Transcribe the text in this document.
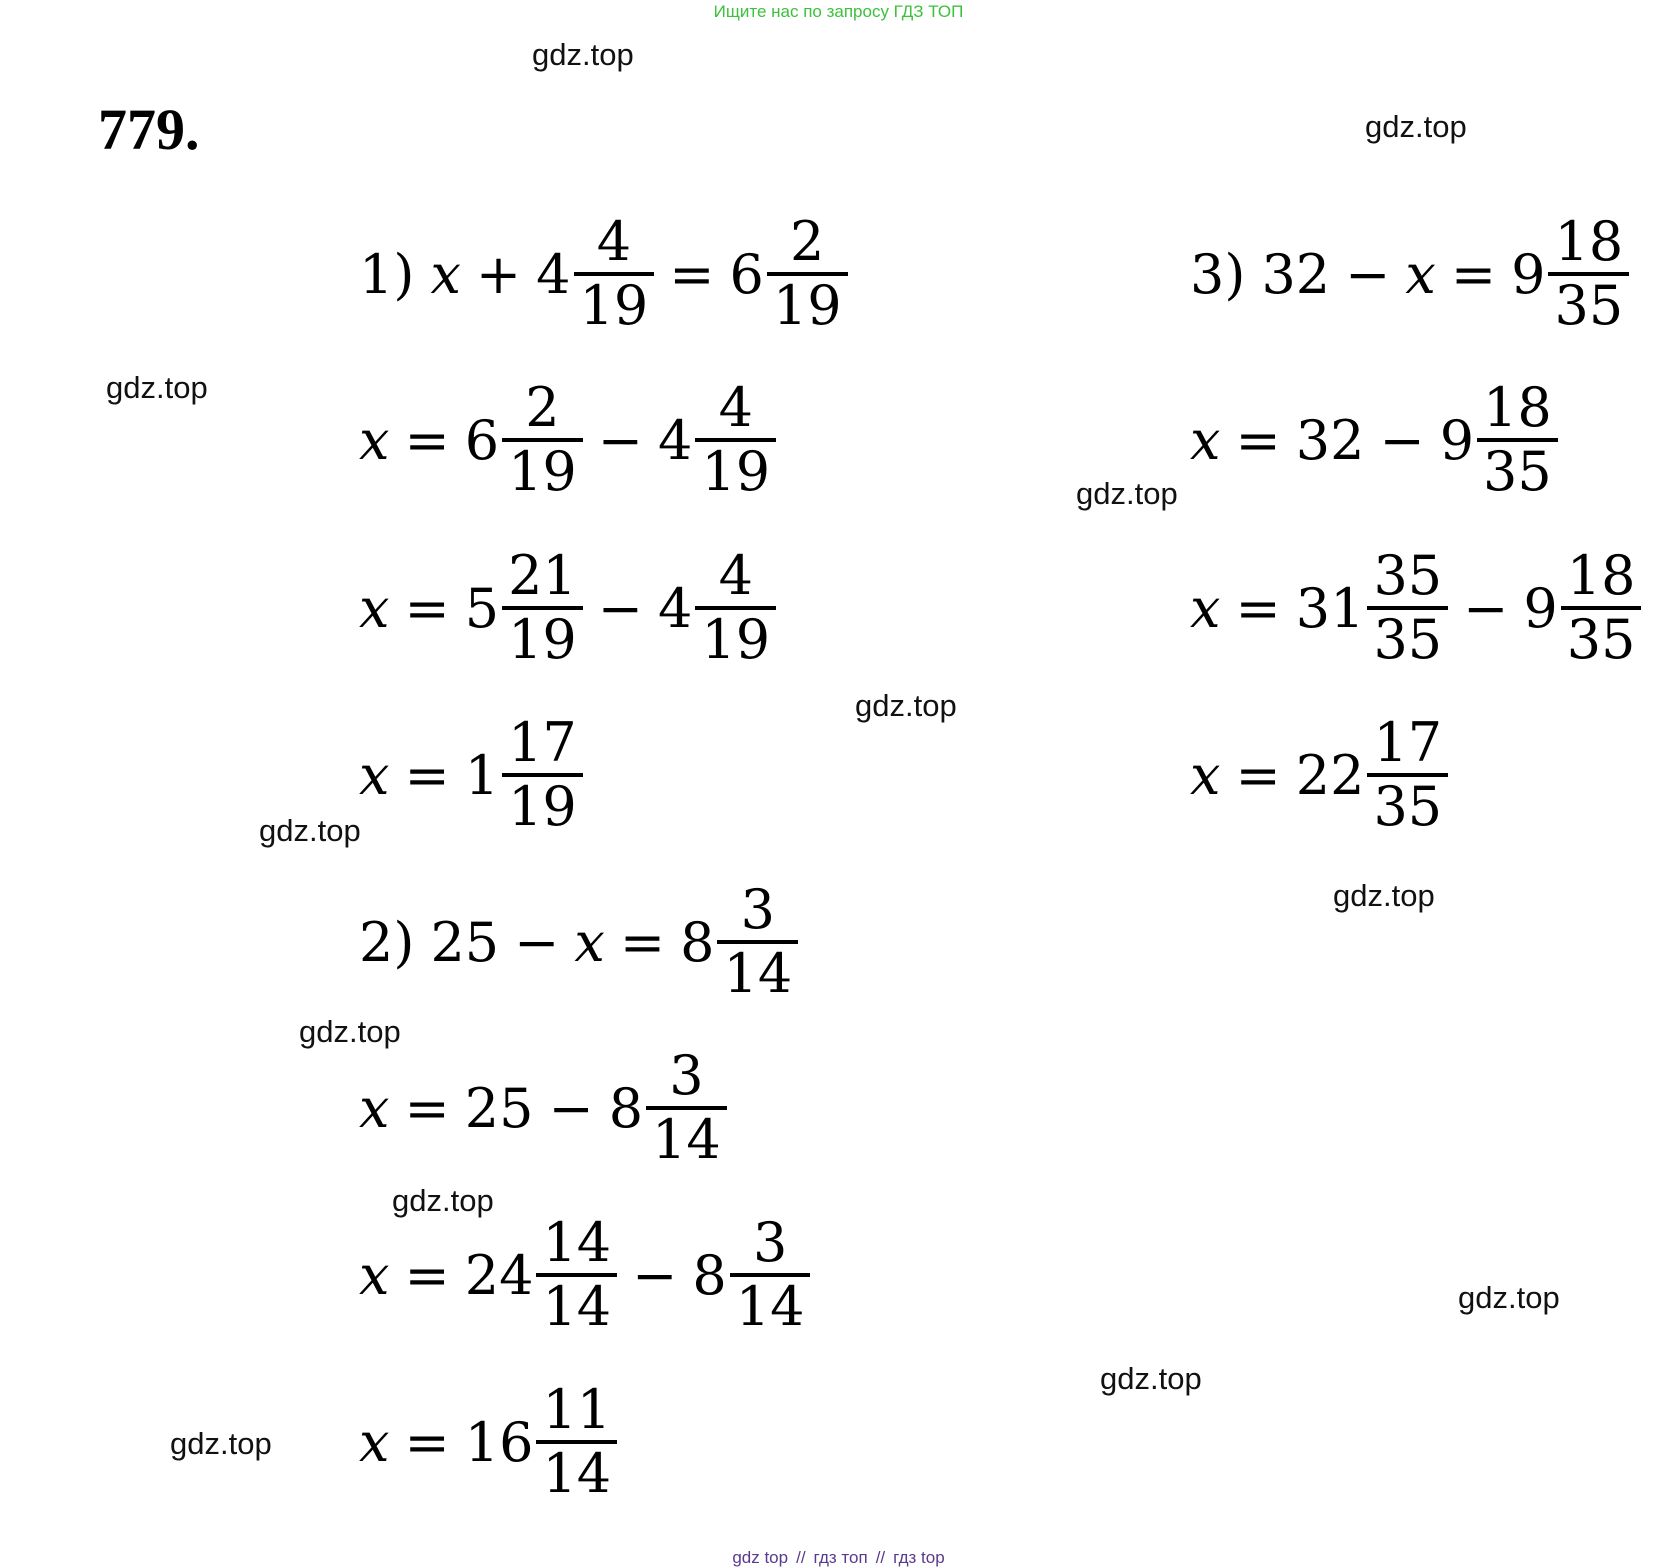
Ищите нас по запросу ГДЗ ТОП
779.
gdz.top
gdz.top
gdz.top
gdz.top
gdz.top
gdz.top
gdz.top
gdz.top
gdz.top
gdz.top
gdz.top
gdz.top
1) $x + 4 \frac{4}{19} = 6 \frac{2}{19}$
$x = 6 \frac{2}{19} - 4 \frac{4}{19}$
$x = 5 \frac{21}{19} - 4 \frac{4}{19}$
$x = 1 \frac{17}{19}$
2) $25 - x = 8 \frac{3}{14}$
$x = 25 - 8 \frac{3}{14}$
$x = 24 \frac{14}{14} - 8 \frac{3}{14}$
$x = 16 \frac{11}{14}$
3) $32 - x = 9 \frac{18}{35}$
$x = 32 - 9 \frac{18}{35}$
$x = 31 \frac{35}{35} - 9 \frac{18}{35}$
$x = 22 \frac{17}{35}$
gdz top // гдз топ // гдз top
